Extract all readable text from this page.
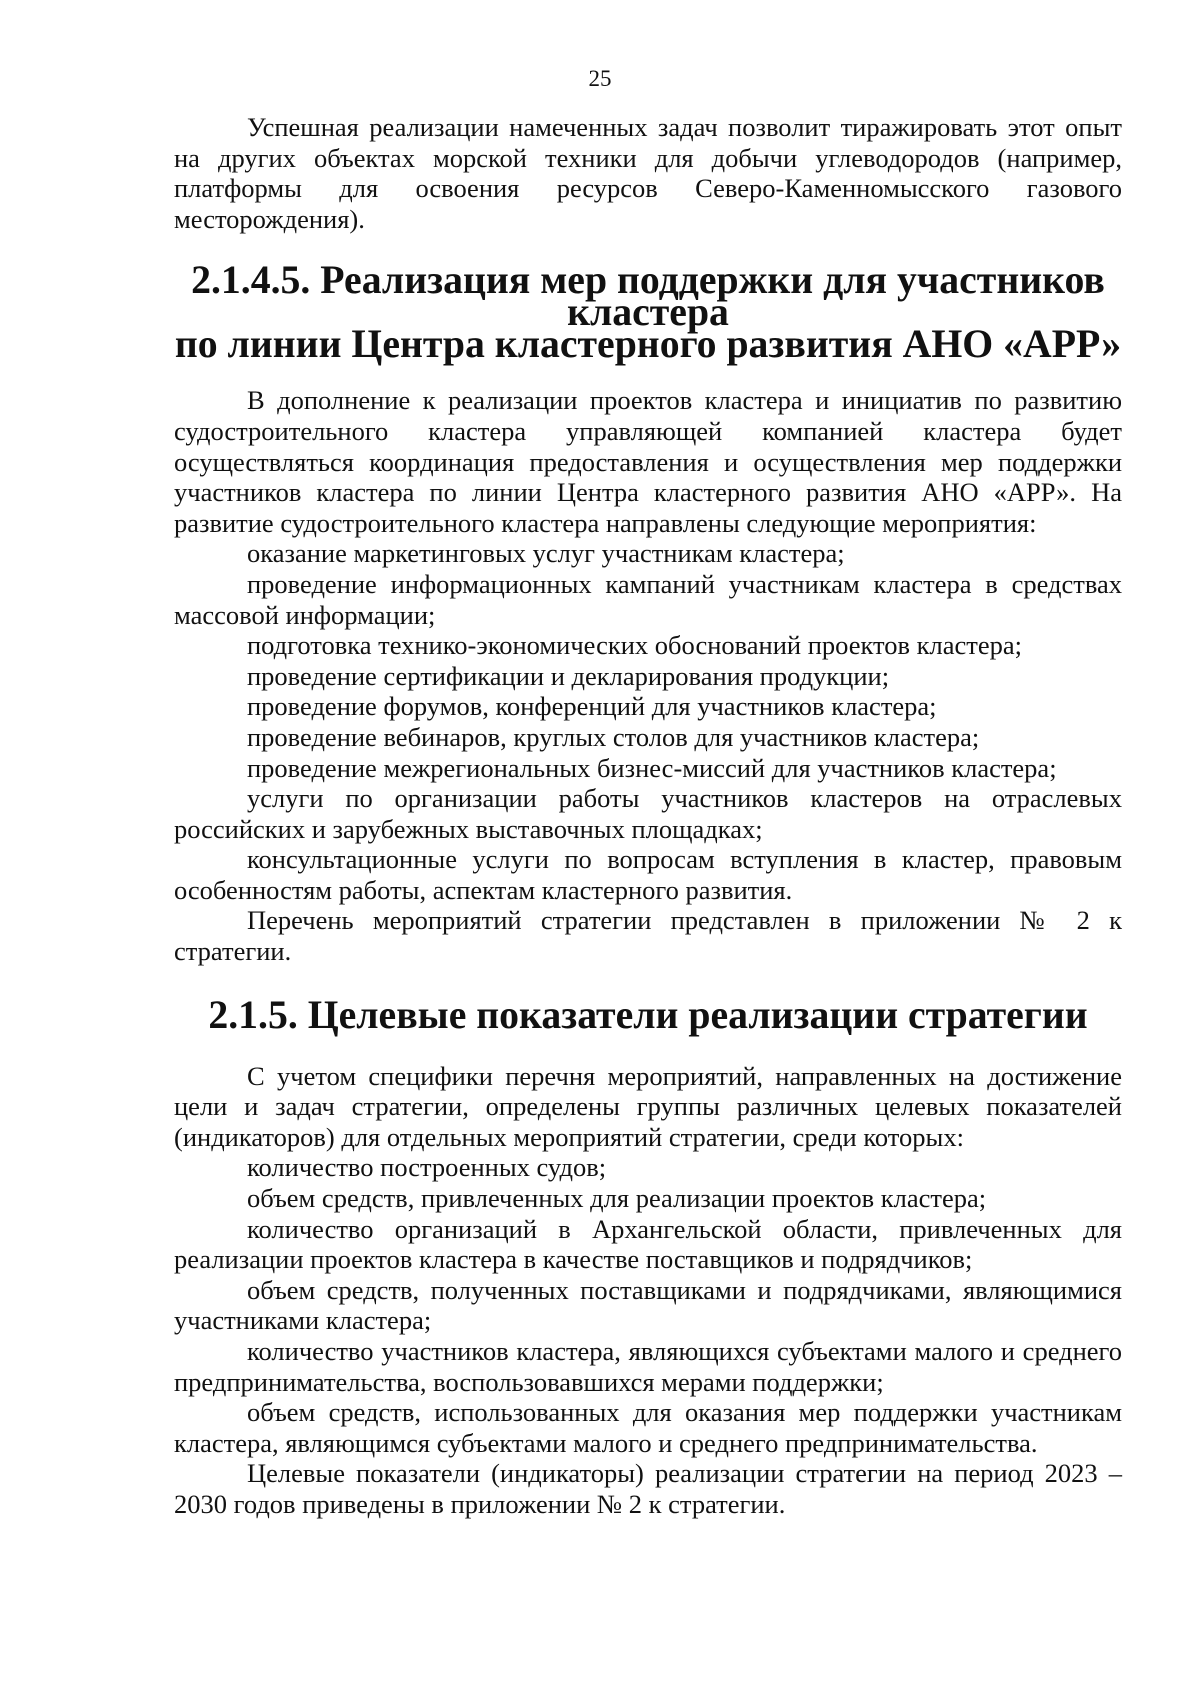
25

Успешная реализации намеченных задач позволит тиражировать этот опыт на других объектах морской техники для добычи углеводородов (например, платформы для освоения ресурсов Северо-Каменномысского газового месторождения).

2.1.4.5. Реализация мер поддержки для участников кластера
по линии Центра кластерного развития АНО «АРР»

В дополнение к реализации проектов кластера и инициатив по развитию судостроительного кластера управляющей компанией кластера будет осуществляться координация предоставления и осуществления мер поддержки участников кластера по линии Центра кластерного развития АНО «АРР». На развитие судостроительного кластера направлены следующие мероприятия:

оказание маркетинговых услуг участникам кластера;

проведение информационных кампаний участникам кластера в средствах массовой информации;

подготовка технико-экономических обоснований проектов кластера;

проведение сертификации и декларирования продукции;

проведение форумов, конференций для участников кластера;

проведение вебинаров, круглых столов для участников кластера;

проведение межрегиональных бизнес-миссий для участников кластера;

услуги по организации работы участников кластеров на отраслевых российских и зарубежных выставочных площадках;

консультационные услуги по вопросам вступления в кластер, правовым особенностям работы, аспектам кластерного развития.

Перечень мероприятий стратегии представлен в приложении № 2 к стратегии.

2.1.5. Целевые показатели реализации стратегии

С учетом специфики перечня мероприятий, направленных на достижение цели и задач стратегии, определены группы различных целевых показателей (индикаторов) для отдельных мероприятий стратегии, среди которых:

количество построенных судов;

объем средств, привлеченных для реализации проектов кластера;

количество организаций в Архангельской области, привлеченных для реализации проектов кластера в качестве поставщиков и подрядчиков;

объем средств, полученных поставщиками и подрядчиками, являющимися участниками кластера;

количество участников кластера, являющихся субъектами малого и среднего предпринимательства, воспользовавшихся мерами поддержки;

объем средств, использованных для оказания мер поддержки участникам кластера, являющимся субъектами малого и среднего предпринимательства.

Целевые показатели (индикаторы) реализации стратегии на период 2023 – 2030 годов приведены в приложении № 2 к стратегии.
